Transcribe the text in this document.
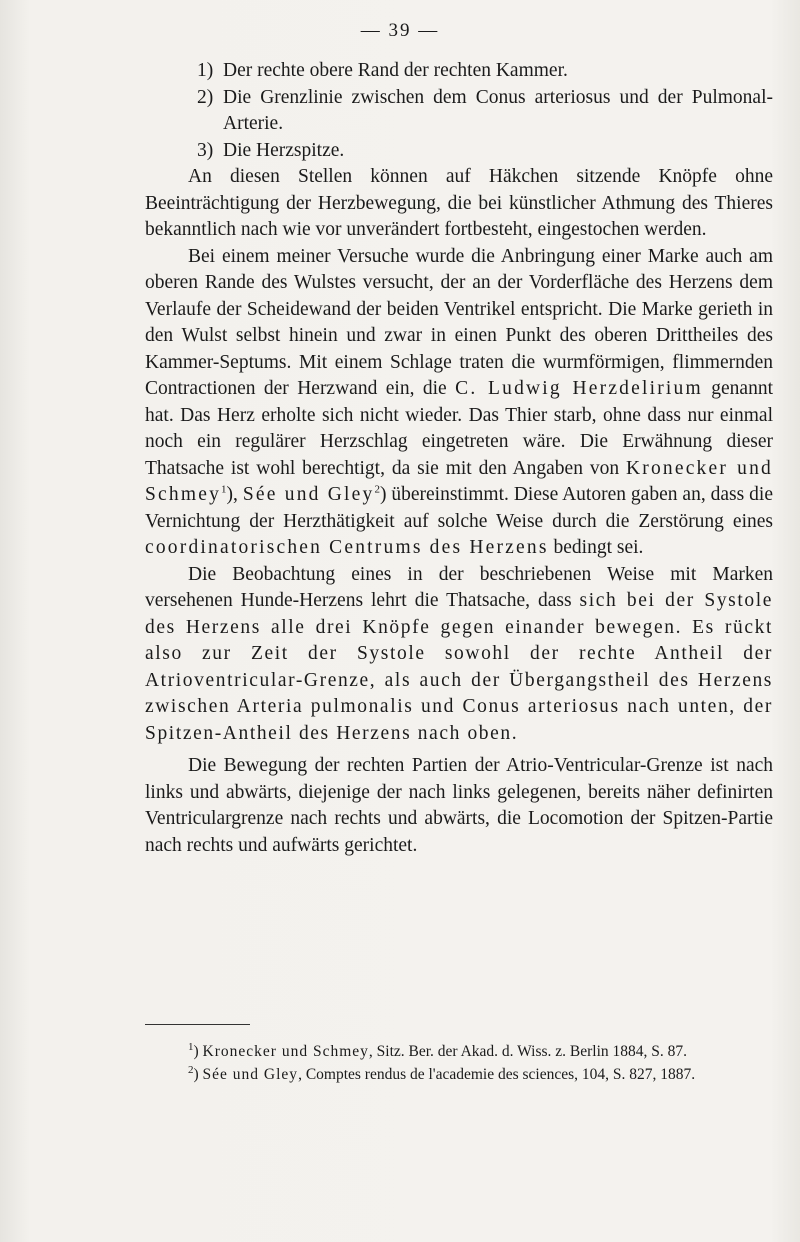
— 39 —

1) Der rechte obere Rand der rechten Kammer.

2) Die Grenzlinie zwischen dem Conus arteriosus und der Pulmonal-Arterie.

3) Die Herzspitze.

An diesen Stellen können auf Häkchen sitzende Knöpfe ohne Beeinträchtigung der Herzbewegung, die bei künstlicher Athmung des Thieres bekanntlich nach wie vor unverändert fortbesteht, eingestochen werden.

Bei einem meiner Versuche wurde die Anbringung einer Marke auch am oberen Rande des Wulstes versucht, der an der Vorderfläche des Herzens dem Verlaufe der Scheidewand der beiden Ventrikel entspricht. Die Marke gerieth in den Wulst selbst hinein und zwar in einen Punkt des oberen Drittheiles des Kammer-Septums. Mit einem Schlage traten die wurmförmigen, flimmernden Contractionen der Herzwand ein, die C. Ludwig Herzdelirium genannt hat. Das Herz erholte sich nicht wieder. Das Thier starb, ohne dass nur einmal noch ein regulärer Herzschlag eingetreten wäre. Die Erwähnung dieser Thatsache ist wohl berechtigt, da sie mit den Angaben von Kronecker und Schmey$^1$), Sée und Gley$^2$) übereinstimmt. Diese Autoren gaben an, dass die Vernichtung der Herzthätigkeit auf solche Weise durch die Zerstörung eines coordinatorischen Centrums des Herzens bedingt sei.

Die Beobachtung eines in der beschriebenen Weise mit Marken versehenen Hunde-Herzens lehrt die Thatsache, dass sich bei der Systole des Herzens alle drei Knöpfe gegen einander bewegen. Es rückt also zur Zeit der Systole sowohl der rechte Antheil der Atrioventricular-Grenze, als auch der Übergangstheil des Herzens zwischen Arteria pulmonalis und Conus arteriosus nach unten, der Spitzen-Antheil des Herzens nach oben.

Die Bewegung der rechten Partien der Atrio-Ventricular-Grenze ist nach links und abwärts, diejenige der nach links gelegenen, bereits näher definirten Ventriculargrenze nach rechts und abwärts, die Locomotion der Spitzen-Partie nach rechts und aufwärts gerichtet.

$^1$) Kronecker und Schmey, Sitz. Ber. der Akad. d. Wiss. z. Berlin 1884, S. 87.

$^2$) Sée und Gley, Comptes rendus de l'academie des sciences, 104, S. 827, 1887.
